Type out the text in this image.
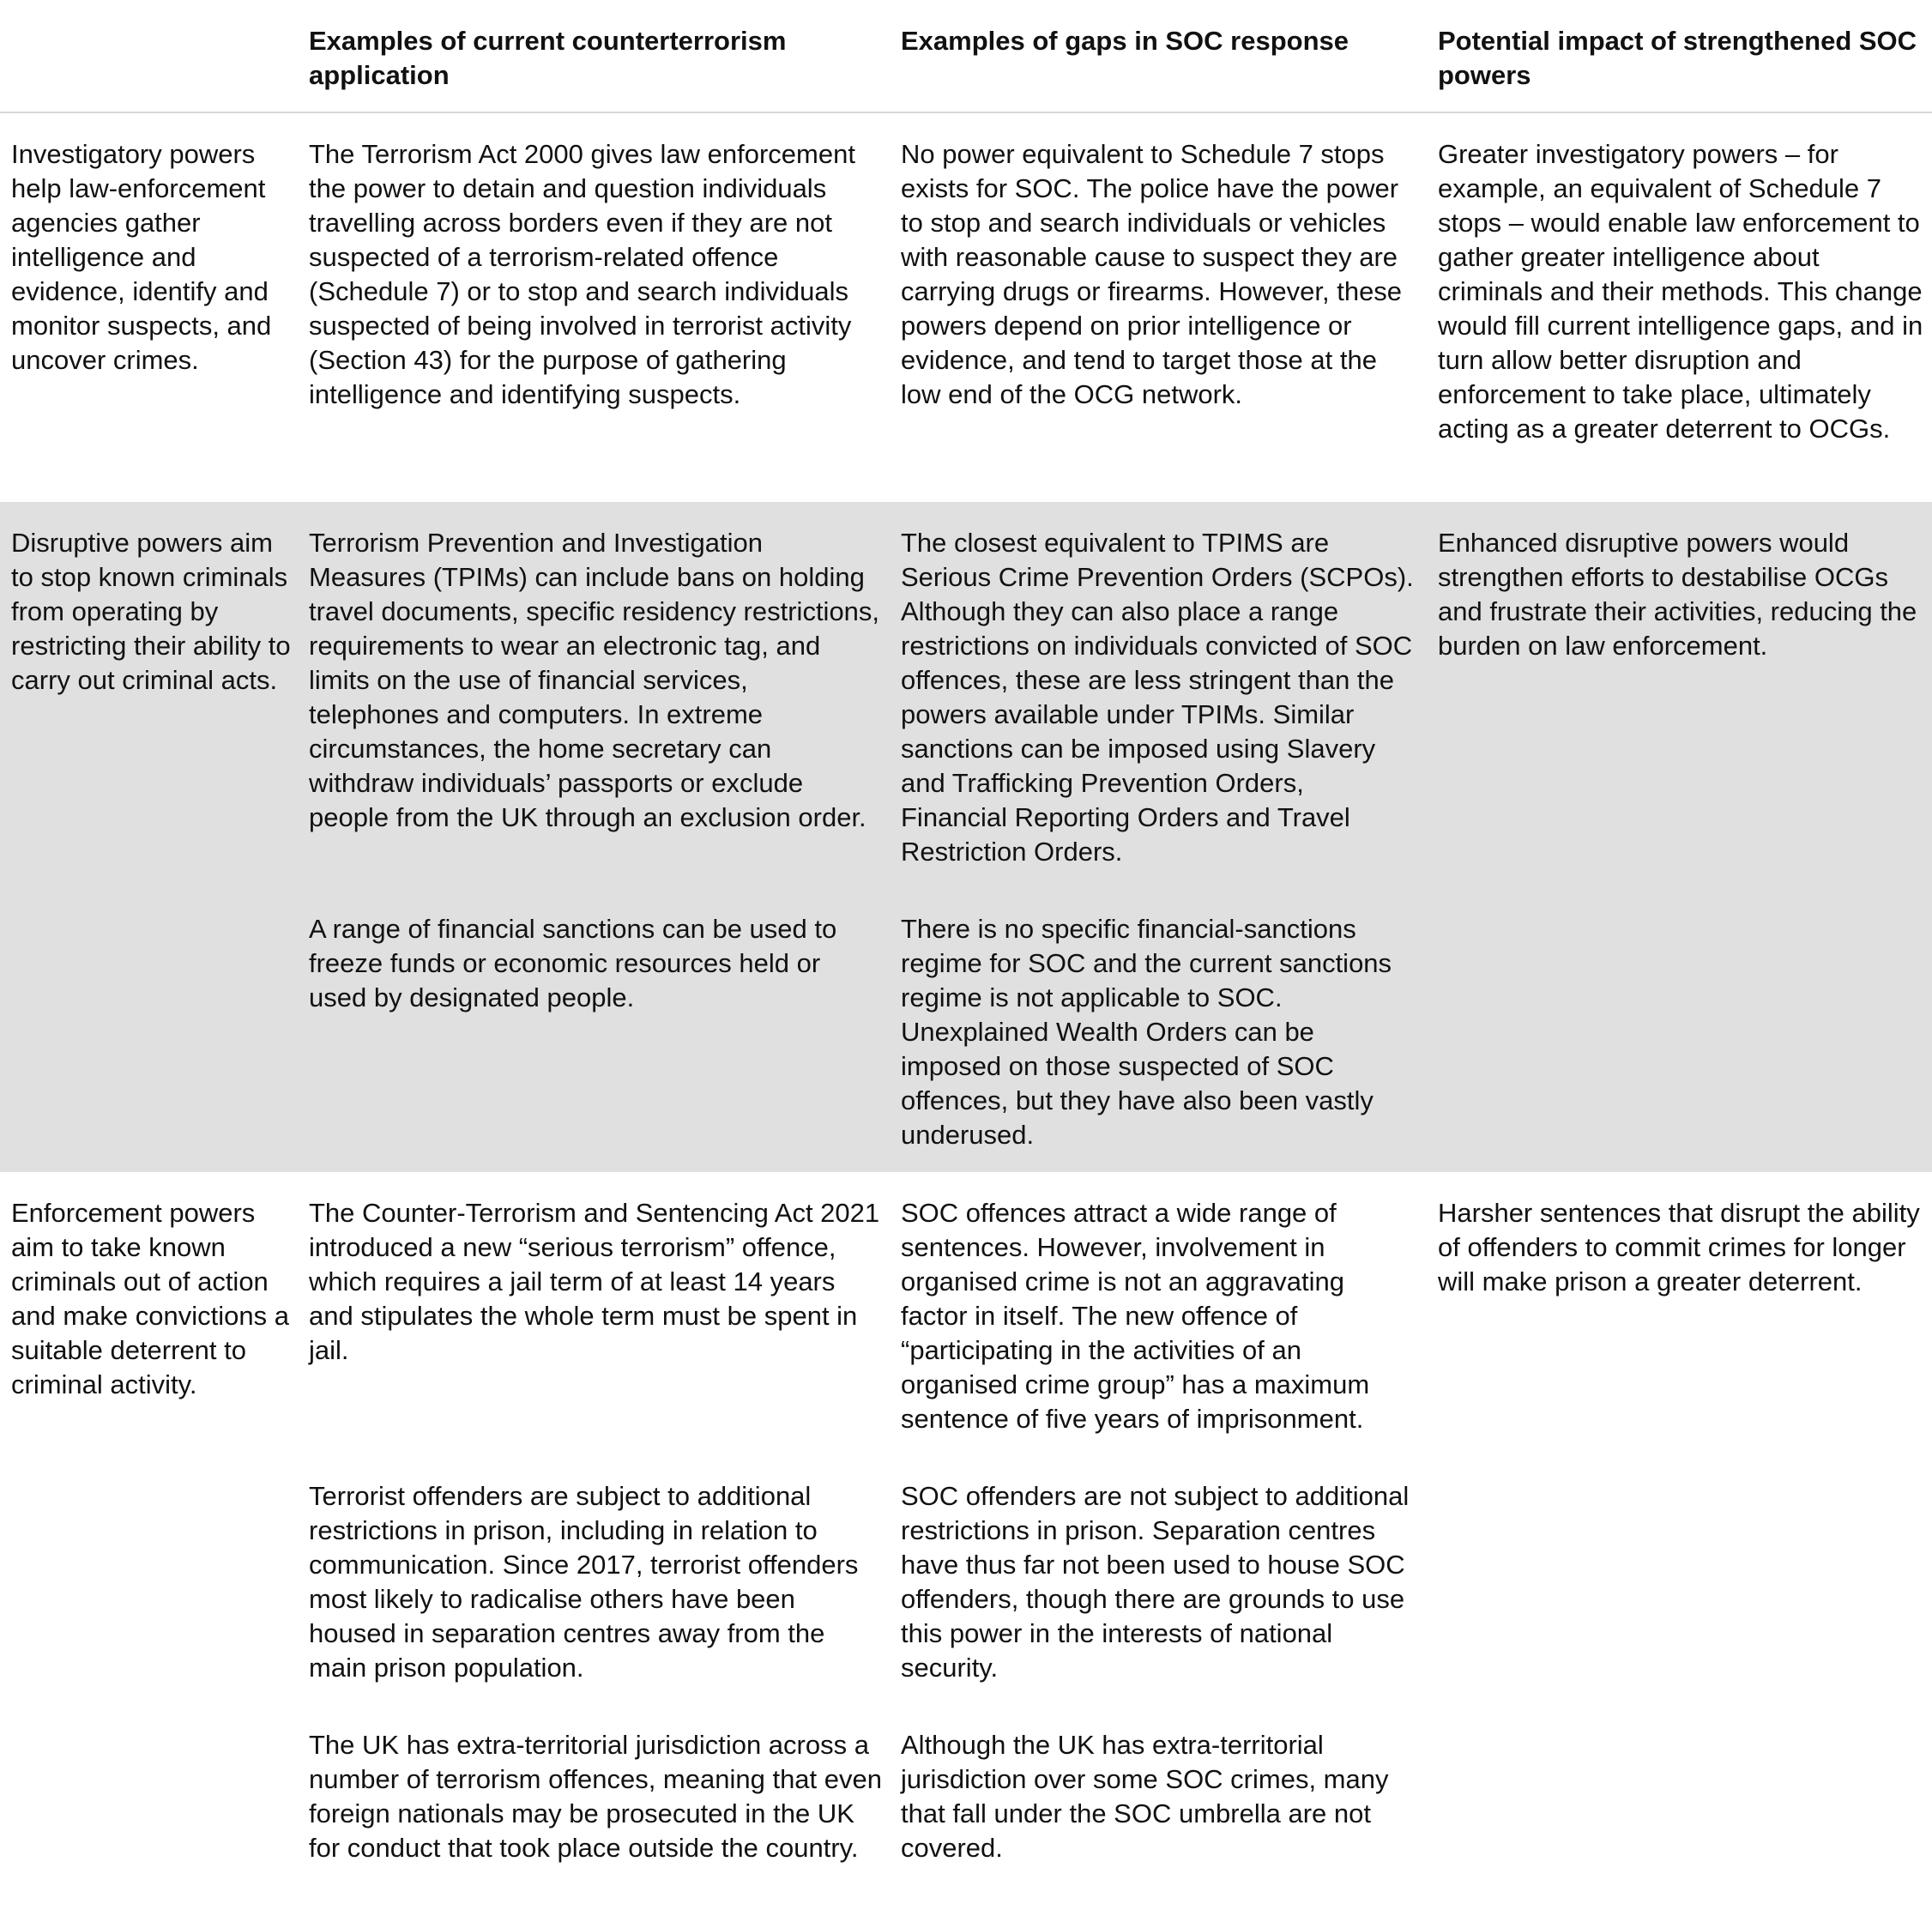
Examples of current counterterrorism application
Examples of gaps in SOC response	Potential impact of strengthened SOC powers
Investigatory powers help law-enforcement agencies gather intelligence and evidence, identify and monitor suspects, and uncover crimes.
The Terrorism Act 2000 gives law enforcement the power to detain and question individuals travelling across borders even if they are not suspected of a terrorism-related offence (Schedule 7) or to stop and search individuals suspected of being involved in terrorist activity (Section 43) for the purpose of gathering intelligence and identifying suspects.
No power equivalent to Schedule 7 stops exists for SOC. The police have the power to stop and search individuals or vehicles with reasonable cause to suspect they are carrying drugs or firearms. However, these powers depend on prior intelligence or evidence, and tend to target those at the low end of the OCG network.
Greater investigatory powers – for example, an equivalent of Schedule 7 stops – would enable law enforcement to gather greater intelligence about criminals and their methods. This change would fill current intelligence gaps, and in turn allow better disruption and enforcement to take place, ultimately acting as a greater deterrent to OCGs.
Disruptive powers aim to stop known criminals from operating by restricting their ability to carry out criminal acts.
Terrorism Prevention and Investigation Measures (TPIMs) can include bans on holding travel documents, specific residency restrictions, requirements to wear an electronic tag, and limits on the use of financial services, telephones and computers. In extreme circumstances, the home secretary can withdraw individuals’ passports or exclude people from the UK through an exclusion order.
A range of financial sanctions can be used to freeze funds or economic resources held or used by designated people.
The closest equivalent to TPIMS are Serious Crime Prevention Orders (SCPOs). Although they can also place a range restrictions on individuals convicted of SOC offences, these are less stringent than the powers available under TPIMs. Similar sanctions can be imposed using Slavery and Trafficking Prevention Orders, Financial Reporting Orders and Travel Restriction Orders.
There is no specific financial-sanctions regime for SOC and the current sanctions regime is not applicable to SOC. Unexplained Wealth Orders can be imposed on those suspected of SOC offences, but they have also been vastly underused.
Enhanced disruptive powers would strengthen efforts to destabilise OCGs and frustrate their activities, reducing the burden on law enforcement.
Enforcement powers aim to take known criminals out of action and make convictions a suitable deterrent to criminal activity.
The Counter-Terrorism and Sentencing Act 2021 introduced a new “serious terrorism” offence, which requires a jail term of at least 14 years and stipulates the whole term must be spent in jail.
Terrorist offenders are subject to additional restrictions in prison, including in relation to communication. Since 2017, terrorist offenders most likely to radicalise others have been housed in separation centres away from the main prison population.
The UK has extra-territorial jurisdiction across a number of terrorism offences, meaning that even foreign nationals may be prosecuted in the UK for conduct that took place outside the country.
SOC offences attract a wide range of sentences. However, involvement in organised crime is not an aggravating factor in itself. The new offence of “participating in the activities of an organised crime group” has a maximum sentence of five years of imprisonment.
SOC offenders are not subject to additional restrictions in prison. Separation centres have thus far not been used to house SOC offenders, though there are grounds to use this power in the interests of national security.
Although the UK has extra-territorial jurisdiction over some SOC crimes, many that fall under the SOC umbrella are not covered.
Harsher sentences that disrupt the ability of offenders to commit crimes for longer will make prison a greater deterrent.
